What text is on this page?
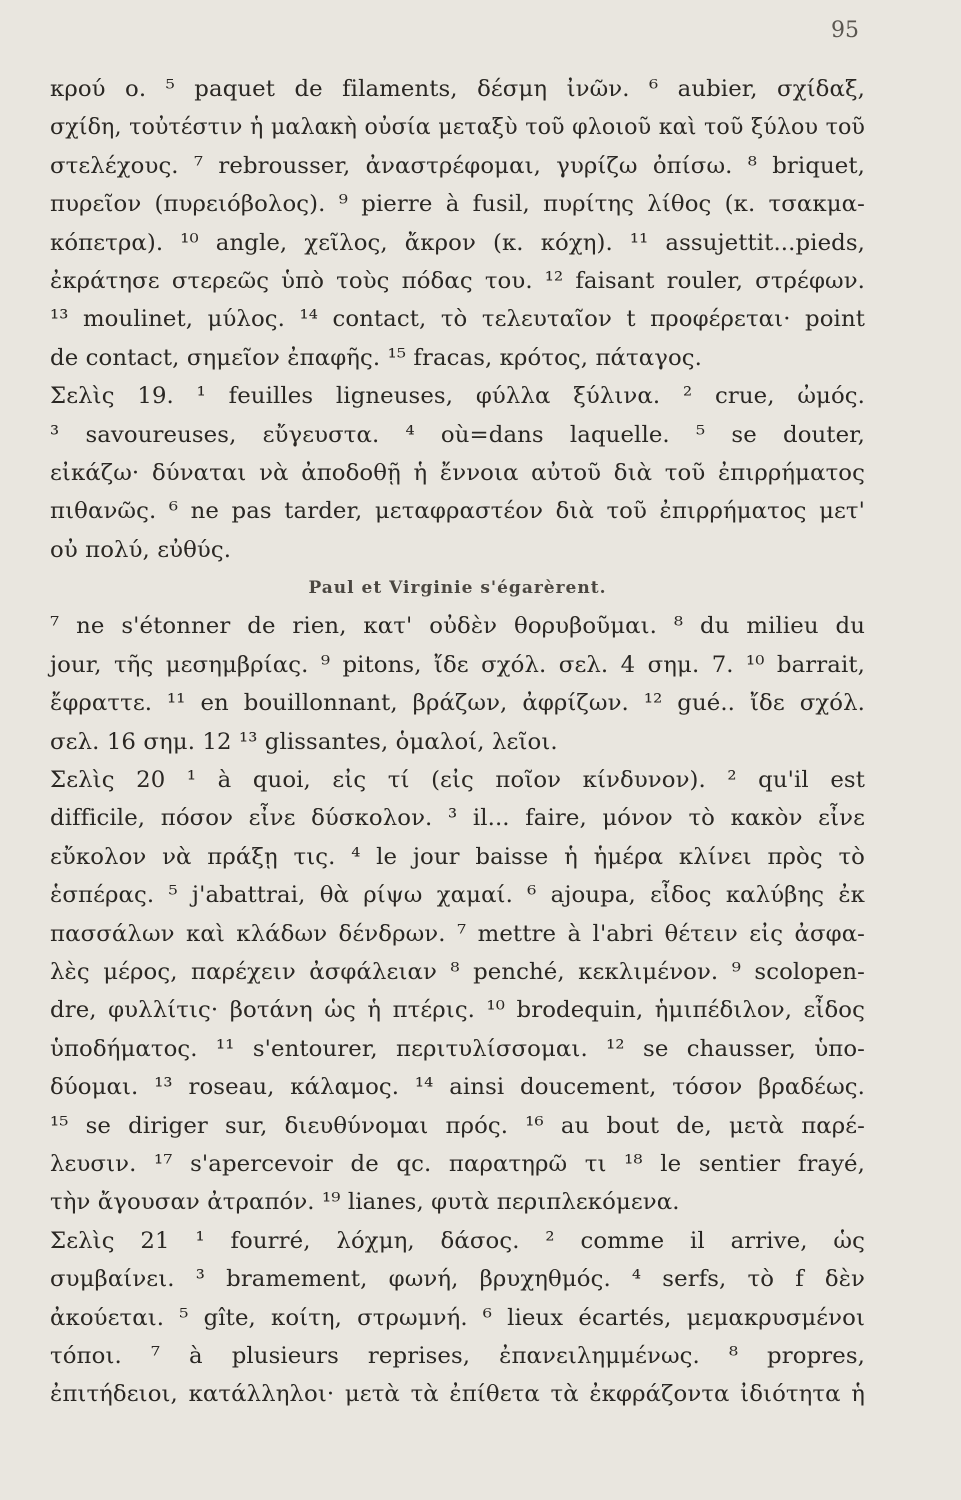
95
κρού ο. ⁵ paquet de filaments, δέσμη ἰνῶν. ⁶ aubier, σχίδαξ,
σχίδη, τοὐτέστιν ἡ μαλακὴ οὐσία μεταξὺ τοῦ φλοιοῦ καὶ τοῦ ξύλου τοῦ
στελέχους. ⁷ rebrousser, ἀναστρέφομαι, γυρίζω ὀπίσω. ⁸ briquet,
πυρεῖον (πυρειόβολος). ⁹ pierre à fusil, πυρίτης λίθος (κ. τσακμα-
κόπετρα). ¹⁰ angle, χεῖλος, ἄκρον (κ. κόχη). ¹¹ assujettit...pieds,
ἐκράτησε στερεῶς ὑπὸ τοὺς πόδας του. ¹² faisant rouler, στρέφων.
¹³ moulinet, μύλος. ¹⁴ contact, τὸ τελευταῖον t προφέρεται· point
de contact, σημεῖον ἐπαφῆς. ¹⁵ fracas, κρότος, πάταγος.
Σελὶς 19. ¹ feuilles ligneuses, φύλλα ξύλινα. ² crue, ὠμός.
³ savoureuses, εὔγευστα. ⁴ où=dans laquelle. ⁵ se douter,
εἰκάζω· δύναται νὰ ἀποδοθῇ ἡ ἔννοια αὐτοῦ διὰ τοῦ ἐπιρρήματος
πιθανῶς. ⁶ ne pas tarder, μεταφραστέον διὰ τοῦ ἐπιρρήματος μετ'
οὐ πολύ, εὐθύς.
Paul et Virginie s'égarèrent.
⁷ ne s'étonner de rien, κατ' οὐδὲν θορυβοῦμαι. ⁸ du milieu du
jour, τῆς μεσημβρίας. ⁹ pitons, ἴδε σχόλ. σελ. 4 σημ. 7. ¹⁰ barrait,
ἔφραττε. ¹¹ en bouillonnant, βράζων, ἀφρίζων. ¹² gué.. ἴδε σχόλ.
σελ. 16 σημ. 12 ¹³ glissantes, ὁμαλοί, λεῖοι.
Σελὶς 20 ¹ à quoi, εἰς τί (εἰς ποῖον κίνδυνον). ² qu'il est
difficile, πόσον εἶνε δύσκολον. ³ il... faire, μόνον τὸ κακὸν εἶνε
εὔκολον νὰ πράξῃ τις. ⁴ le jour baisse ἡ ἡμέρα κλίνει πρὸς τὸ
ἑσπέρας. ⁵ j'abattrai, θὰ ρίψω χαμαί. ⁶ ajoupa, εἶδος καλύβης ἐκ
πασσάλων καὶ κλάδων δένδρων. ⁷ mettre à l'abri θέτειν εἰς ἀσφα-
λὲς μέρος, παρέχειν ἀσφάλειαν ⁸ penché, κεκλιμένον. ⁹ scolopen-
dre, φυλλίτις· βοτάνη ὡς ἡ πτέρις. ¹⁰ brodequin, ἡμιπέδιλον, εἶδος
ὑποδήματος. ¹¹ s'entourer, περιτυλίσσομαι. ¹² se chausser, ὑπο-
δύομαι. ¹³ roseau, κάλαμος. ¹⁴ ainsi doucement, τόσον βραδέως.
¹⁵ se diriger sur, διευθύνομαι πρός. ¹⁶ au bout de, μετὰ παρέ-
λευσιν. ¹⁷ s'apercevoir de qc. παρατηρῶ τι ¹⁸ le sentier frayé,
τὴν ἄγουσαν ἀτραπόν. ¹⁹ lianes, φυτὰ περιπλεκόμενα.
Σελὶς 21 ¹ fourré, λόχμη, δάσος. ² comme il arrive, ὡς
συμβαίνει. ³ bramement, φωνή, βρυχηθμός. ⁴ serfs, τὸ f δὲν
ἀκούεται. ⁵ gîte, κοίτη, στρωμνή. ⁶ lieux écartés, μεμακρυσμένοι
τόποι. ⁷ à plusieurs reprises, ἐπανειλημμένως. ⁸ propres,
ἐπιτήδειοι, κατάλληλοι· μετὰ τὰ ἐπίθετα τὰ ἐκφράζοντα ἰδιότητα ἡ
